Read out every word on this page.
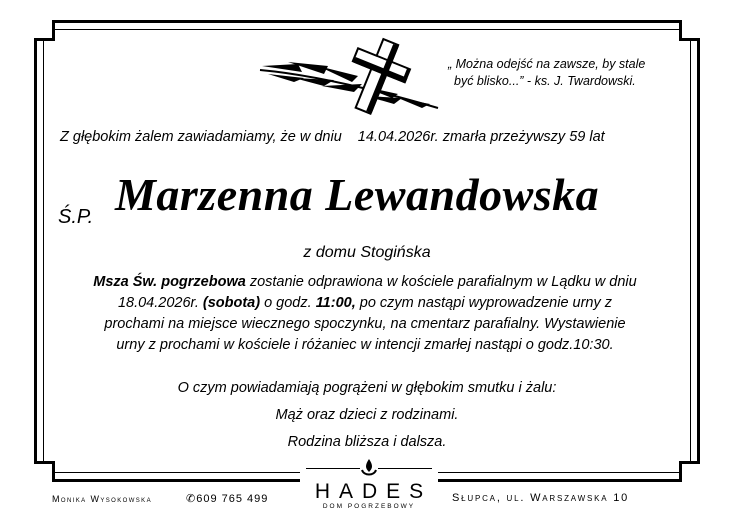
„ Można odejść na zawsze, by stale
być blisko...” - ks. J. Twardowski.
Z głębokim żalem zawiadamiamy, że w dniu 14.04.2026r. zmarła przeżywszy 59 lat
Ś.P. Marzenna Lewandowska
z domu Stogińska
Msza Św. pogrzebowa zostanie odprawiona w kościele parafialnym w Lądku w dniu
18.04.2026r. (sobota) o godz. 11:00, po czym nastąpi wyprowadzenie urny z
prochami na miejsce wiecznego spoczynku, na cmentarz parafialny. Wystawienie
urny z prochami w kościele i różaniec w intencji zmarłej nastąpi o godz.10:30.
O czym powiadamiają pogrążeni w głębokim smutku i żalu:
Mąż oraz dzieci z rodzinami.
Rodzina bliższa i dalsza.
Monika Wysokowska	✆609 765 499	HADES
DOM POGRZEBOWY
Słupca, ul. Warszawska 10
